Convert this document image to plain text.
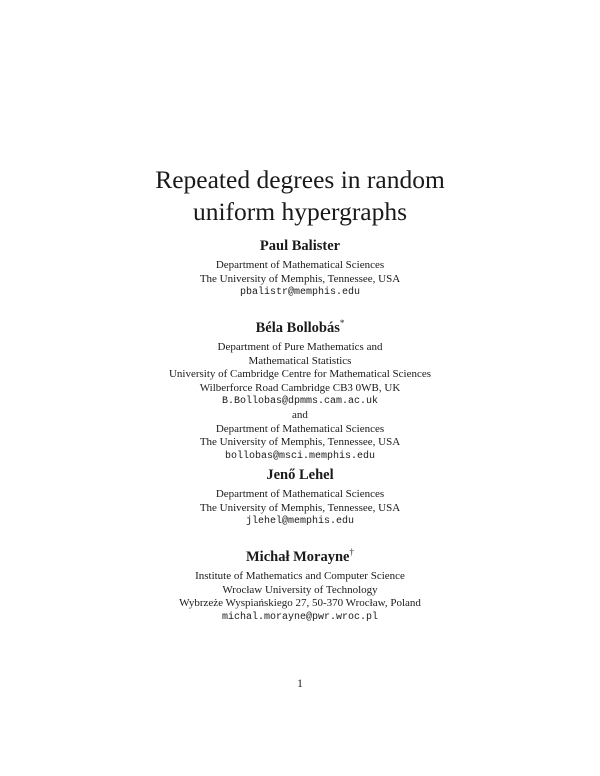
Repeated degrees in random
uniform hypergraphs
Paul Balister
Department of Mathematical Sciences
The University of Memphis, Tennessee, USA
pbalistr@memphis.edu
Béla Bollobás*
Department of Pure Mathematics and
Mathematical Statistics
University of Cambridge Centre for Mathematical Sciences
Wilberforce Road Cambridge CB3 0WB, UK
B.Bollobas@dpmms.cam.ac.uk
and
Department of Mathematical Sciences
The University of Memphis, Tennessee, USA
bollobas@msci.memphis.edu
Jenő Lehel
Department of Mathematical Sciences
The University of Memphis, Tennessee, USA
jlehel@memphis.edu
Michał Morayne†
Institute of Mathematics and Computer Science
Wrocław University of Technology
Wybrzeże Wyspiańskiego 27, 50-370 Wrocław, Poland
michal.morayne@pwr.wroc.pl
1
